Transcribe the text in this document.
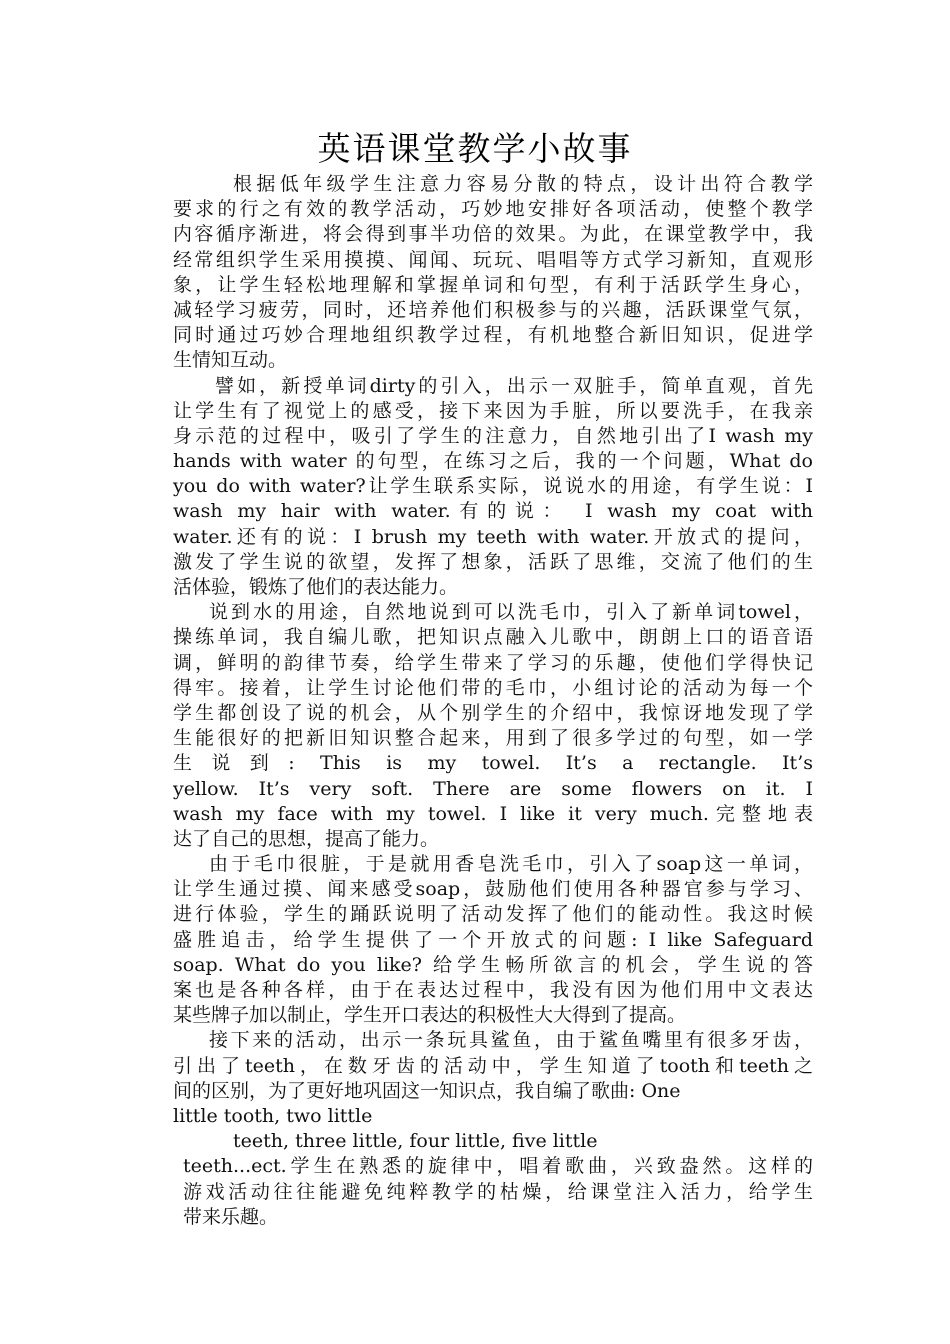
英语课堂教学小故事
根据低年级学生注意力容易分散的特点，设计出符合教学
要求的行之有效的教学活动，巧妙地安排好各项活动，使整个教学
内容循序渐进，将会得到事半功倍的效果。为此，在课堂教学中，我
经常组织学生采用摸摸、闻闻、玩玩、唱唱等方式学习新知，直观形
象，让学生轻松地理解和掌握单词和句型，有利于活跃学生身心，
减轻学习疲劳，同时，还培养他们积极参与的兴趣，活跃课堂气氛，
同时通过巧妙合理地组织教学过程，有机地整合新旧知识，促进学
生情知互动。
譬如，新授单词dirty的引入，出示一双脏手，简单直观，首先
让学生有了视觉上的感受，接下来因为手脏，所以要洗手，在我亲
身示范的过程中，吸引了学生的注意力，自然地引出了I wash my
hands with water 的句型，在练习之后，我的一个问题，What do
you do with water?让学生联系实际，说说水的用途，有学生说：I
wash my hair with water.有的说： I wash my coat with
water.还有的说：I brush my teeth with water.开放式的提问，
激发了学生说的欲望，发挥了想象，活跃了思维，交流了他们的生
活体验，锻炼了他们的表达能力。
说到水的用途，自然地说到可以洗毛巾，引入了新单词towel，
操练单词，我自编儿歌，把知识点融入儿歌中，朗朗上口的语音语
调，鲜明的韵律节奏，给学生带来了学习的乐趣，使他们学得快记
得牢。接着，让学生讨论他们带的毛巾，小组讨论的活动为每一个
学生都创设了说的机会，从个别学生的介绍中，我惊讶地发现了学
生能很好的把新旧知识整合起来，用到了很多学过的句型，如一学
生说到: This is my towel. It’s a rectangle. It’s
yellow. It’s very soft. There are some flowers on it. I
wash my face with my towel. I like it very much.完整地表
达了自己的思想，提高了能力。
由于毛巾很脏，于是就用香皂洗毛巾，引入了soap这一单词，
让学生通过摸、闻来感受soap，鼓励他们使用各种器官参与学习、
进行体验，学生的踊跃说明了活动发挥了他们的能动性。我这时候
盛胜追击，给学生提供了一个开放式的问题: I like Safeguard
soap. What do you like? 给学生畅所欲言的机会，学生说的答
案也是各种各样，由于在表达过程中，我没有因为他们用中文表达
某些牌子加以制止，学生开口表达的积极性大大得到了提高。
接下来的活动，出示一条玩具鲨鱼，由于鲨鱼嘴里有很多牙齿，
引出了teeth，在数牙齿的活动中，学生知道了tooth和teeth之
间的区别，为了更好地巩固这一知识点，我自编了歌曲: One
little tooth, two little
teeth, three little, four little, five little
teeth...ect.学生在熟悉的旋律中，唱着歌曲，兴致盎然。这样的
游戏活动往往能避免纯粹教学的枯燥，给课堂注入活力，给学生
带来乐趣。
